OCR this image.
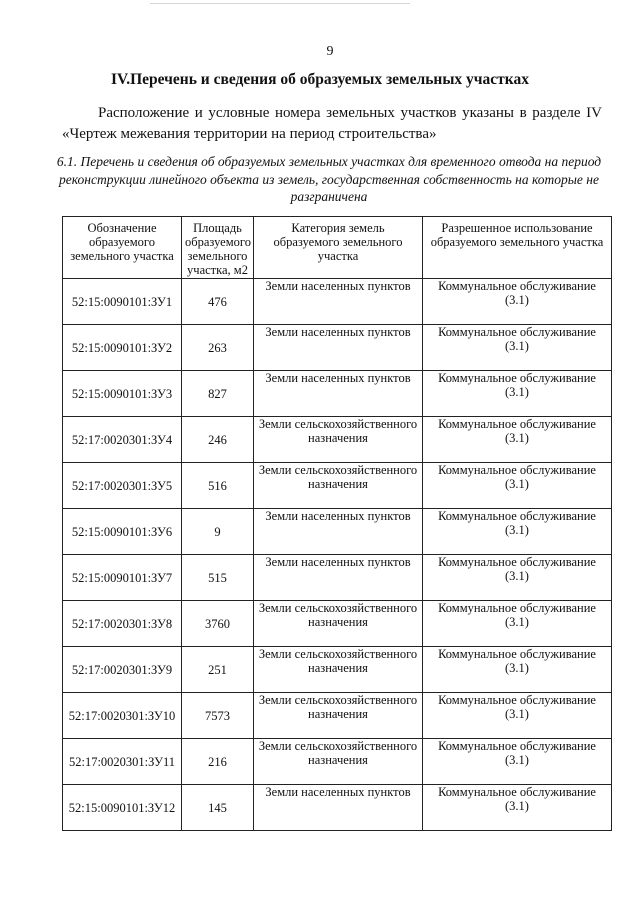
9
IV.Перечень и сведения об образуемых земельных участках
Расположение и условные номера земельных участков указаны в разделе IV «Чертеж межевания территории на период строительства»
6.1. Перечень и сведения об образуемых земельных участках для временного отвода на период реконструкции линейного объекта из земель, государственная собственность на которые не разграничена
Обозначение образуемого земельного участка	Площадь образуемого земельного участка, м2	Категория земель образуемого земельного участка	Разрешенное использование образуемого земельного участка
52:15:0090101:ЗУ1	476	Земли населенных пунктов	Коммунальное обслуживание (3.1)
52:15:0090101:ЗУ2	263	Земли населенных пунктов	Коммунальное обслуживание (3.1)
52:15:0090101:ЗУ3	827	Земли населенных пунктов	Коммунальное обслуживание (3.1)
52:17:0020301:ЗУ4	246	Земли сельскохозяйственного назначения	Коммунальное обслуживание (3.1)
52:17:0020301:ЗУ5	516	Земли сельскохозяйственного назначения	Коммунальное обслуживание (3.1)
52:15:0090101:ЗУ6	9	Земли населенных пунктов	Коммунальное обслуживание (3.1)
52:15:0090101:ЗУ7	515	Земли населенных пунктов	Коммунальное обслуживание (3.1)
52:17:0020301:ЗУ8	3760	Земли сельскохозяйственного назначения	Коммунальное обслуживание (3.1)
52:17:0020301:ЗУ9	251	Земли сельскохозяйственного назначения	Коммунальное обслуживание (3.1)
52:17:0020301:ЗУ10	7573	Земли сельскохозяйственного назначения	Коммунальное обслуживание (3.1)
52:17:0020301:ЗУ11	216	Земли сельскохозяйственного назначения	Коммунальное обслуживание (3.1)
52:15:0090101:ЗУ12	145	Земли населенных пунктов	Коммунальное обслуживание (3.1)
